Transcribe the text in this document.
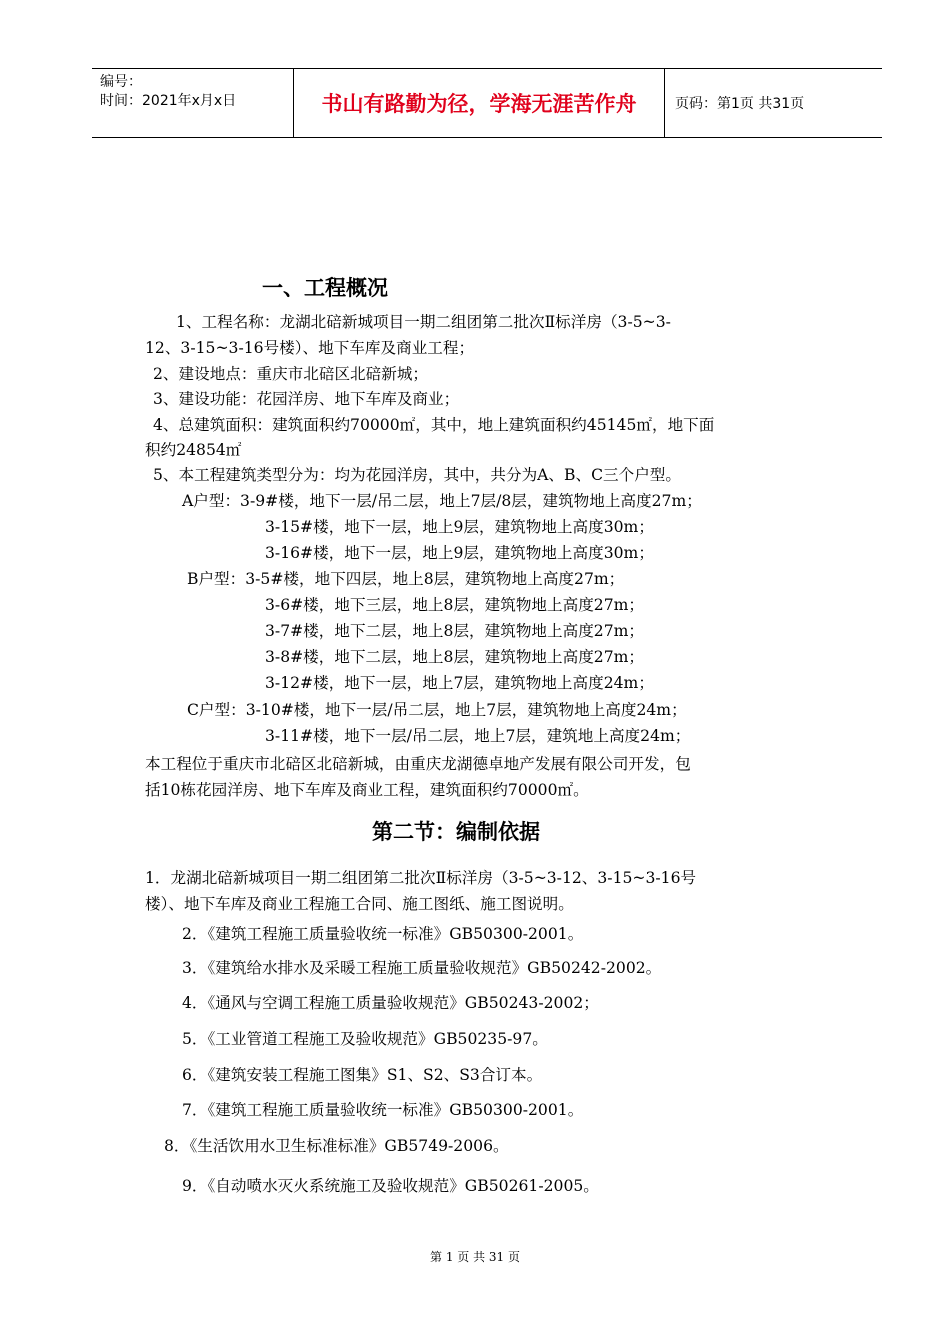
编号：
时间：2021年x月x日	书山有路勤为径，学海无涯苦作舟	页码：第1页 共31页
一、工程概况
1、工程名称：龙湖北碚新城项目一期二组团第二批次Ⅱ标洋房（3-5~3-
12、3-15~3-16号楼）、地下车库及商业工程；
2、建设地点：重庆市北碚区北碚新城；
3、建设功能：花园洋房、地下车库及商业；
4、总建筑面积：建筑面积约70000㎡，其中，地上建筑面积约45145㎡，地下面
积约24854㎡
5、本工程建筑类型分为：均为花园洋房，其中，共分为A、B、C三个户型。
A户型：3-9#楼，地下一层/吊二层，地上7层/8层，建筑物地上高度27m；
3-15#楼，地下一层，地上9层，建筑物地上高度30m；
3-16#楼，地下一层，地上9层，建筑物地上高度30m；
B户型：3-5#楼，地下四层，地上8层，建筑物地上高度27m；
3-6#楼，地下三层，地上8层，建筑物地上高度27m；
3-7#楼，地下二层，地上8层，建筑物地上高度27m；
3-8#楼，地下二层，地上8层，建筑物地上高度27m；
3-12#楼，地下一层，地上7层，建筑物地上高度24m；
C户型：3-10#楼，地下一层/吊二层，地上7层，建筑物地上高度24m；
3-11#楼，地下一层/吊二层，地上7层，建筑地上高度24m；
本工程位于重庆市北碚区北碚新城，由重庆龙湖德卓地产发展有限公司开发，包
括10栋花园洋房、地下车库及商业工程，建筑面积约70000㎡。
第二节：编制依据
1．龙湖北碚新城项目一期二组团第二批次Ⅱ标洋房（3-5~3-12、3-15~3-16号
楼）、地下车库及商业工程施工合同、施工图纸、施工图说明。
2．《建筑工程施工质量验收统一标准》GB50300-2001。
3．《建筑给水排水及采暖工程施工质量验收规范》GB50242-2002。
4．《通风与空调工程施工质量验收规范》GB50243-2002；
5．《工业管道工程施工及验收规范》GB50235-97。
6．《建筑安装工程施工图集》S1、S2、S3合订本。
7．《建筑工程施工质量验收统一标准》GB50300-2001。
8．《生活饮用水卫生标准标准》GB5749-2006。
9．《自动喷水灭火系统施工及验收规范》GB50261-2005。
第 1 页 共 31 页
